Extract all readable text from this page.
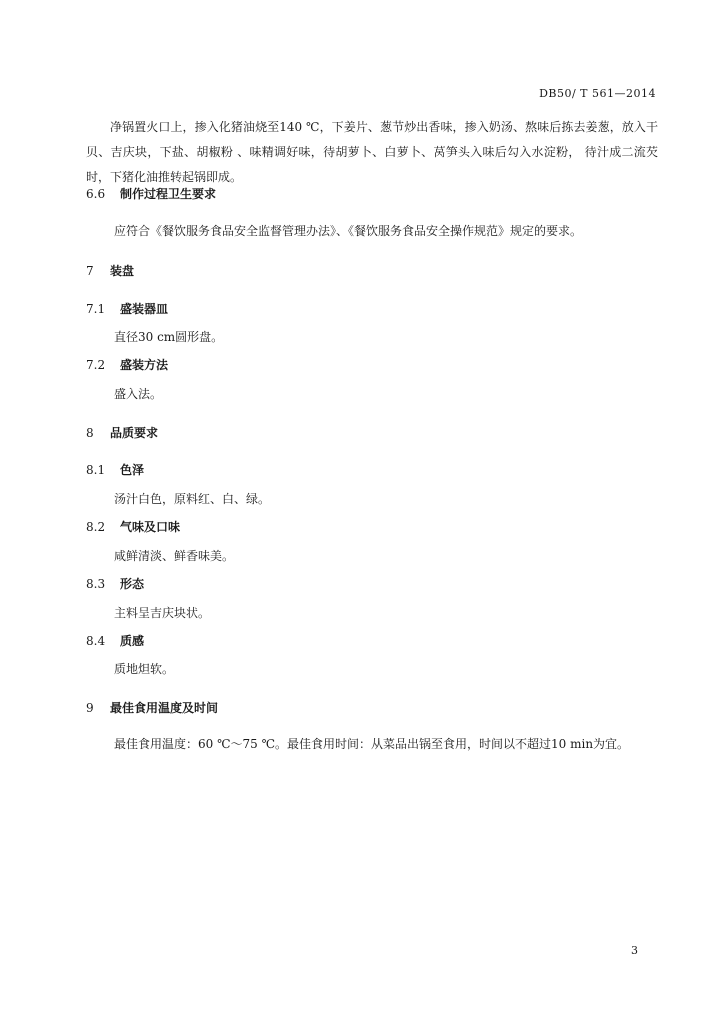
DB50/ T 561—2014
净锅置火口上，掺入化猪油烧至140 ℃，下姜片、葱节炒出香味，掺入奶汤、熬味后拣去姜葱，放入干贝、吉庆块，下盐、胡椒粉 、味精调好味，待胡萝卜、白萝卜、莴笋头入味后勾入水淀粉， 待汁成二流芡时，下猪化油推转起锅即成。
6.6 制作过程卫生要求
应符合《餐饮服务食品安全监督管理办法》、《餐饮服务食品安全操作规范》规定的要求。
7 装盘
7.1 盛装器皿
直径30 cm圆形盘。
7.2 盛装方法
盛入法。
8 品质要求
8.1 色泽
汤汁白色，原料红、白、绿。
8.2 气味及口味
咸鲜清淡、鲜香味美。
8.3 形态
主料呈吉庆块状。
8.4 质感
质地炟软。
9 最佳食用温度及时间
最佳食用温度：60 ℃～75 ℃。最佳食用时间：从菜品出锅至食用，时间以不超过10 min为宜。
3
